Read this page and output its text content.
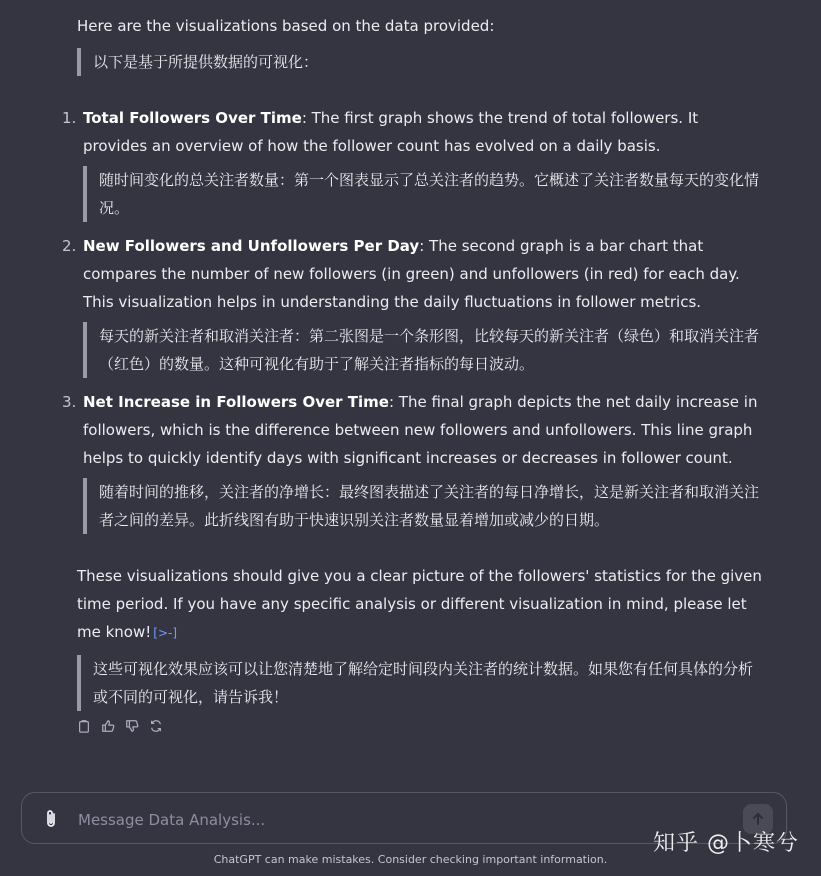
Here are the visualizations based on the data provided:

以下是基于所提供数据的可视化：
1. Total Followers Over Time: The first graph shows the trend of total followers. It provides an overview of how the follower count has evolved on a daily basis.
随时间变化的总关注者数量：第一个图表显示了总关注者的趋势。它概述了关注者数量每天的变化情况。
2. New Followers and Unfollowers Per Day: The second graph is a bar chart that compares the number of new followers (in green) and unfollowers (in red) for each day. This visualization helps in understanding the daily fluctuations in follower metrics.
每天的新关注者和取消关注者：第二张图是一个条形图，比较每天的新关注者（绿色）和取消关注者（红色）的数量。这种可视化有助于了解关注者指标的每日波动。
3. Net Increase in Followers Over Time: The final graph depicts the net daily increase in followers, which is the difference between new followers and unfollowers. This line graph helps to quickly identify days with significant increases or decreases in follower count.
随着时间的推移，关注者的净增长：最终图表描述了关注者的每日净增长，这是新关注者和取消关注者之间的差异。此折线图有助于快速识别关注者数量显着增加或减少的日期。

These visualizations should give you a clear picture of the followers' statistics for the given time period. If you have any specific analysis or different visualization in mind, please let me know! [>-]

这些可视化效果应该可以让您清楚地了解给定时间段内关注者的统计数据。如果您有任何具体的分析或不同的可视化，请告诉我！
Message Data Analysis...
ChatGPT can make mistakes. Consider checking important information.
知乎 @卜寒兮
